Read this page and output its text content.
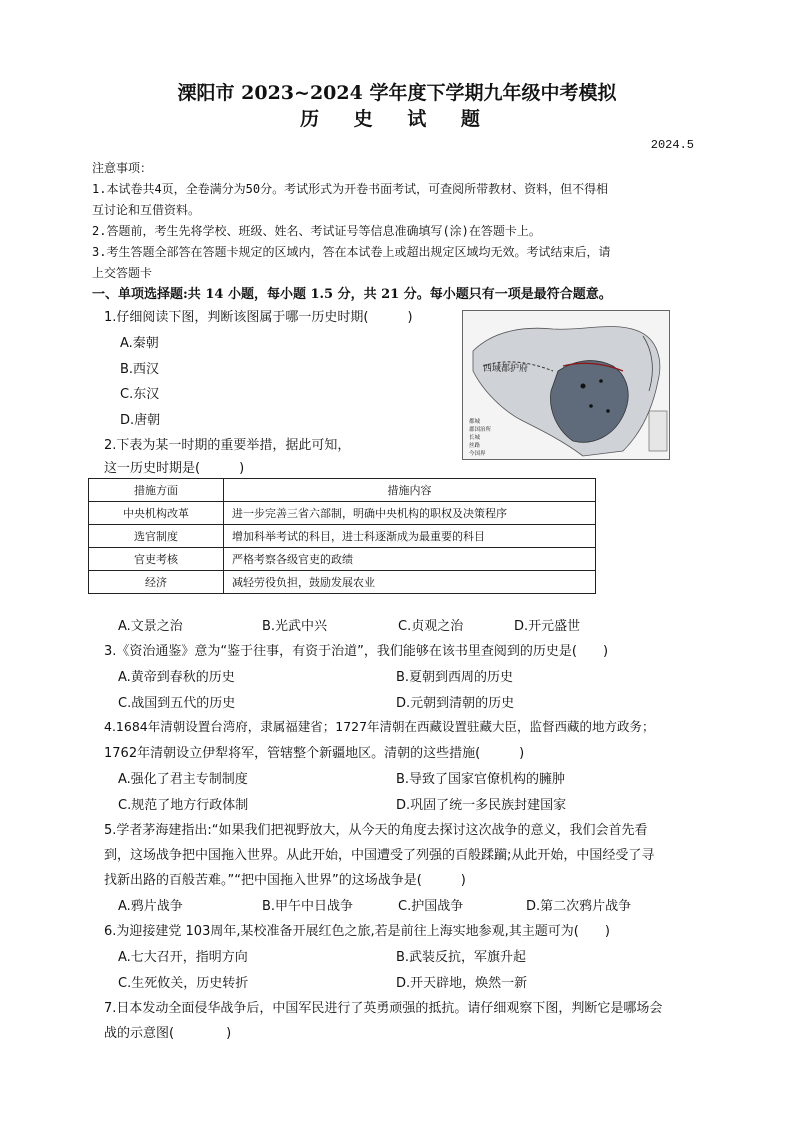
溧阳市 2023~2024 学年度下学期九年级中考模拟
历 史 试 题
2024.5
注意事项：
1.本试卷共4页，全卷满分为50分。考试形式为开卷书面考试，可查阅所带教材、资料，但不得相
互讨论和互借资料。
2.答题前，考生先将学校、班级、姓名、考试证号等信息准确填写(涂)在答题卡上。
3.考生答题全部答在答题卡规定的区域内，答在本试卷上或超出规定区域均无效。考试结束后，请
上交答题卡
一、单项选择题:共 14 小题，每小题 1.5 分，共 21 分。每小题只有一项是最符合题意。
1.仔细阅读下图，判断该图属于哪一历史时期(　　　)
A.秦朝
B.西汉
C.东汉
D.唐朝
西域都护府
都城
郡国治所
长城
丝路
今国界
2.下表为某一时期的重要举措，据此可知，
这一历史时期是(　　　)
措施方面	措施内容
中央机构改革	进一步完善三省六部制，明确中央机构的职权及决策程序
选官制度	增加科举考试的科目，进士科逐渐成为最重要的科目
官吏考核	严格考察各级官吏的政绩
经济	减轻劳役负担，鼓励发展农业
A.文景之治	B.光武中兴	C.贞观之治	D.开元盛世
3.《资治通鉴》意为“鉴于往事，有资于治道”，我们能够在该书里查阅到的历史是(　　)
A.黄帝到春秋的历史	B.夏朝到西周的历史
C.战国到五代的历史	D.元朝到清朝的历史
4.1684年清朝设置台湾府，隶属福建省；1727年清朝在西藏设置驻藏大臣，监督西藏的地方政务；
1762年清朝设立伊犁将军，管辖整个新疆地区。清朝的这些措施(　　　)
A.强化了君主专制制度	B.导致了国家官僚机构的臃肿
C.规范了地方行政体制	D.巩固了统一多民族封建国家
5.学者茅海建指出:“如果我们把视野放大，从今天的角度去探讨这次战争的意义，我们会首先看
到，这场战争把中国拖入世界。从此开始，中国遭受了列强的百般蹂躏;从此开始，中国经受了寻
找新出路的百般苦难。”“把中国拖入世界”的这场战争是(　　　)
A.鸦片战争	B.甲午中日战争	C.护国战争	D.第二次鸦片战争
6.为迎接建党 103周年,某校准备开展红色之旅,若是前往上海实地参观,其主题可为(　　)
A.七大召开，指明方向	B.武装反抗，军旗升起
C.生死攸关，历史转折	D.开天辟地，焕然一新
7.日本发动全面侵华战争后，中国军民进行了英勇顽强的抵抗。请仔细观察下图，判断它是哪场会
战的示意图(　　　　)
